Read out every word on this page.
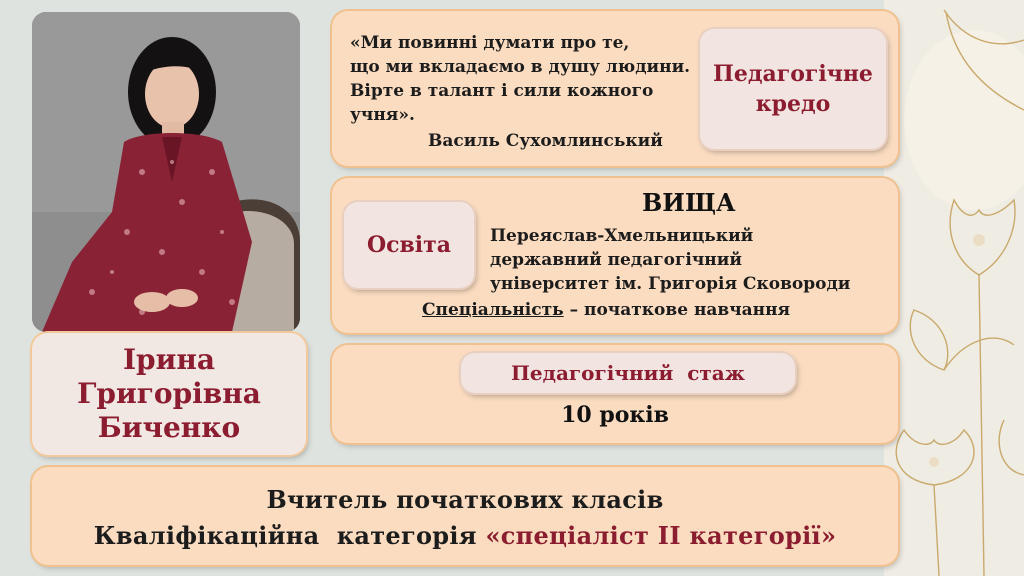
Ірина
Григорівна
Биченко
«Ми повинні думати про те,
що ми вкладаємо в душу людини.
Вірте в талант і сили кожного
учня».
Василь Сухомлинський
Педагогічне кредо
Освіта
ВИЩА
Переяслав-Хмельницький
державний педагогічний
університет ім. Григорія Сковороди
Спеціальність – початкове навчання
Педагогічний  стаж
10 років
Вчитель початкових класів
Кваліфікаційна  категорія «спеціаліст ІІ категорії»
